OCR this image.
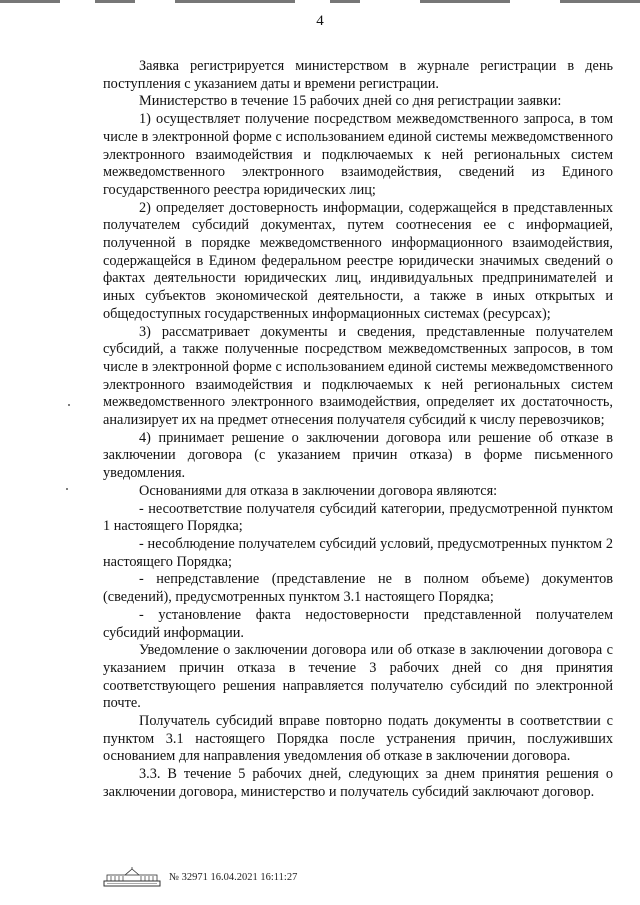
4

Заявка регистрируется министерством в журнале регистрации в день поступления с указанием даты и времени регистрации.

Министерство в течение 15 рабочих дней со дня регистрации заявки:

1) осуществляет получение посредством межведомственного запроса, в том числе в электронной форме с использованием единой системы межведомственного электронного взаимодействия и подключаемых к ней региональных систем межведомственного электронного взаимодействия, сведений из Единого государственного реестра юридических лиц;

2) определяет достоверность информации, содержащейся в представленных получателем субсидий документах, путем соотнесения ее с информацией, полученной в порядке межведомственного информационного взаимодействия, содержащейся в Едином федеральном реестре юридически значимых сведений о фактах деятельности юридических лиц, индивидуальных предпринимателей и иных субъектов экономической деятельности, а также в иных открытых и общедоступных государственных информационных системах (ресурсах);

3) рассматривает документы и сведения, представленные получателем субсидий, а также полученные посредством межведомственных запросов, в том числе в электронной форме с использованием единой системы межведомственного электронного взаимодействия и подключаемых к ней региональных систем межведомственного электронного взаимодействия, определяет их достаточность, анализирует их на предмет отнесения получателя субсидий к числу перевозчиков;

4) принимает решение о заключении договора или решение об отказе в заключении договора (с указанием причин отказа) в форме письменного уведомления.

Основаниями для отказа в заключении договора являются:

- несоответствие получателя субсидий категории, предусмотренной пунктом 1 настоящего Порядка;

- несоблюдение получателем субсидий условий, предусмотренных пунктом 2 настоящего Порядка;

- непредставление (представление не в полном объеме) документов (сведений), предусмотренных пунктом 3.1 настоящего Порядка;

- установление факта недостоверности представленной получателем субсидий информации.

Уведомление о заключении договора или об отказе в заключении договора с указанием причин отказа в течение 3 рабочих дней со дня принятия соответствующего решения направляется получателю субсидий по электронной почте.

Получатель субсидий вправе повторно подать документы в соответствии с пунктом 3.1 настоящего Порядка после устранения причин, послуживших основанием для направления уведомления об отказе в заключении договора.

3.3. В течение 5 рабочих дней, следующих за днем принятия решения о заключении договора, министерство и получатель субсидий заключают договор.

№ 32971 16.04.2021 16:11:27
